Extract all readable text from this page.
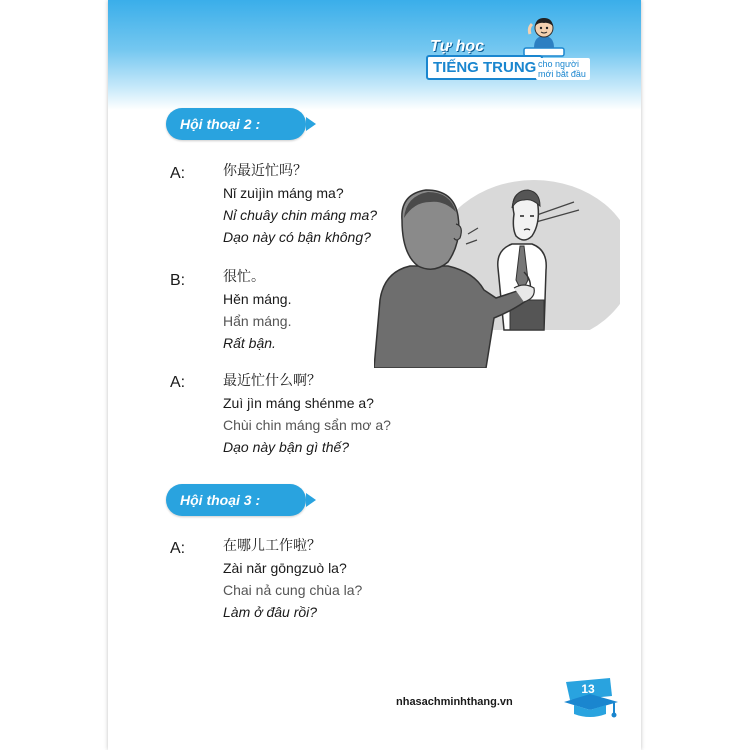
Tự học
TIẾNG TRUNG cho người mới bắt đầu
Hội thoại 2 :
A:	你最近忙吗？
Nǐ zuìjìn máng ma?
Nỉ chuây chin máng ma?
Dạo này có bận không?
B:	很忙。
Hěn máng.
Hẩn máng.
Rất bận.
A:	最近忙什么啊？
Zuì jìn máng shénme a?
Chùi chin máng sẩn mơ a?
Dạo này bận gì thế?
Hội thoại 3 :
A:	在哪儿工作啦？
Zài nǎr gōngzuò la?
Chai nả cung chùa la?
Làm ở đâu rồi?
nhasachminhthang.vn
13
